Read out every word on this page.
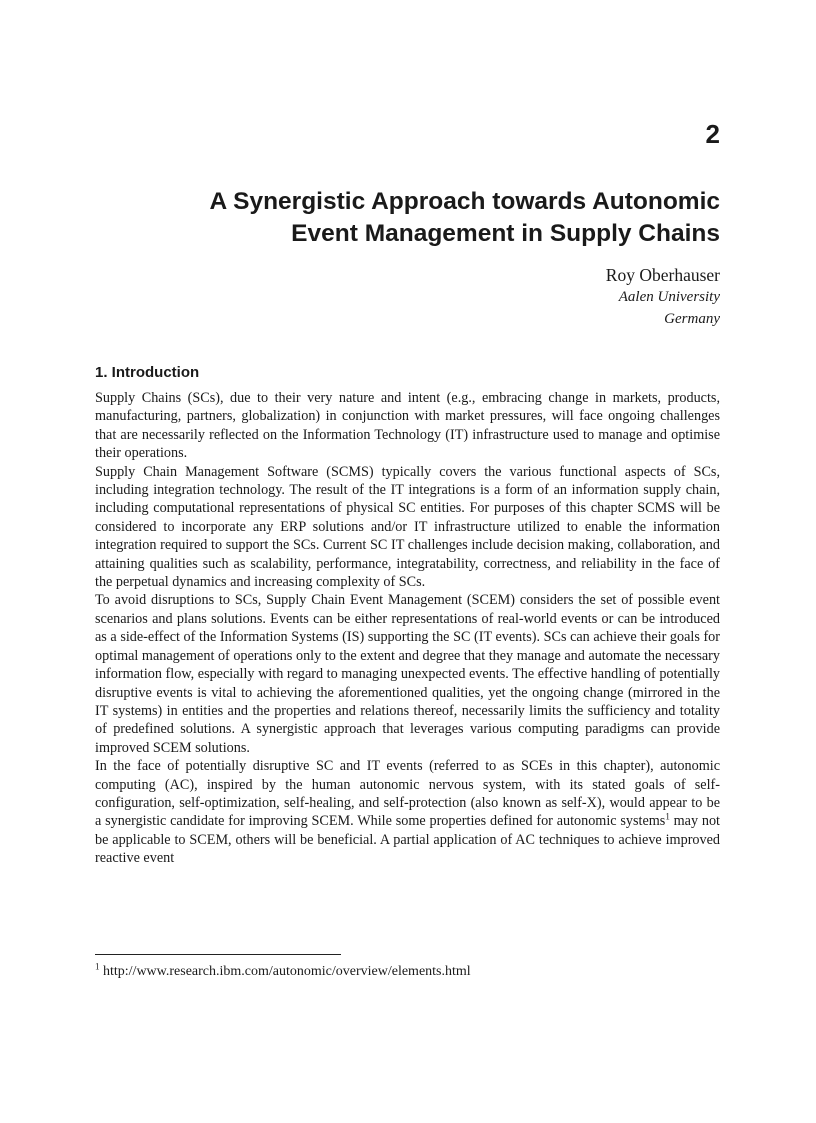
2
A Synergistic Approach towards Autonomic
Event Management in Supply Chains
Roy Oberhauser
Aalen University
Germany
1. Introduction

Supply Chains (SCs), due to their very nature and intent (e.g., embracing change in markets, products, manufacturing, partners, globalization) in conjunction with market pressures, will face ongoing challenges that are necessarily reflected on the Information Technology (IT) infrastructure used to manage and optimise their operations.

Supply Chain Management Software (SCMS) typically covers the various functional aspects of SCs, including integration technology. The result of the IT integrations is a form of an information supply chain, including computational representations of physical SC entities. For purposes of this chapter SCMS will be considered to incorporate any ERP solutions and/or IT infrastructure utilized to enable the information integration required to support the SCs. Current SC IT challenges include decision making, collaboration, and attaining qualities such as scalability, performance, integratability, correctness, and reliability in the face of the perpetual dynamics and increasing complexity of SCs.

To avoid disruptions to SCs, Supply Chain Event Management (SCEM) considers the set of possible event scenarios and plans solutions. Events can be either representations of real-world events or can be introduced as a side-effect of the Information Systems (IS) supporting the SC (IT events). SCs can achieve their goals for optimal management of operations only to the extent and degree that they manage and automate the necessary information flow, especially with regard to managing unexpected events. The effective handling of potentially disruptive events is vital to achieving the aforementioned qualities, yet the ongoing change (mirrored in the IT systems) in entities and the properties and relations thereof, necessarily limits the sufficiency and totality of predefined solutions. A synergistic approach that leverages various computing paradigms can provide improved SCEM solutions.

In the face of potentially disruptive SC and IT events (referred to as SCEs in this chapter), autonomic computing (AC), inspired by the human autonomic nervous system, with its stated goals of self-configuration, self-optimization, self-healing, and self-protection (also known as self-X), would appear to be a synergistic candidate for improving SCEM. While some properties defined for autonomic systems$^1$ may not be applicable to SCEM, others will be beneficial. A partial application of AC techniques to achieve improved reactive event

$^1$ http://www.research.ibm.com/autonomic/overview/elements.html
